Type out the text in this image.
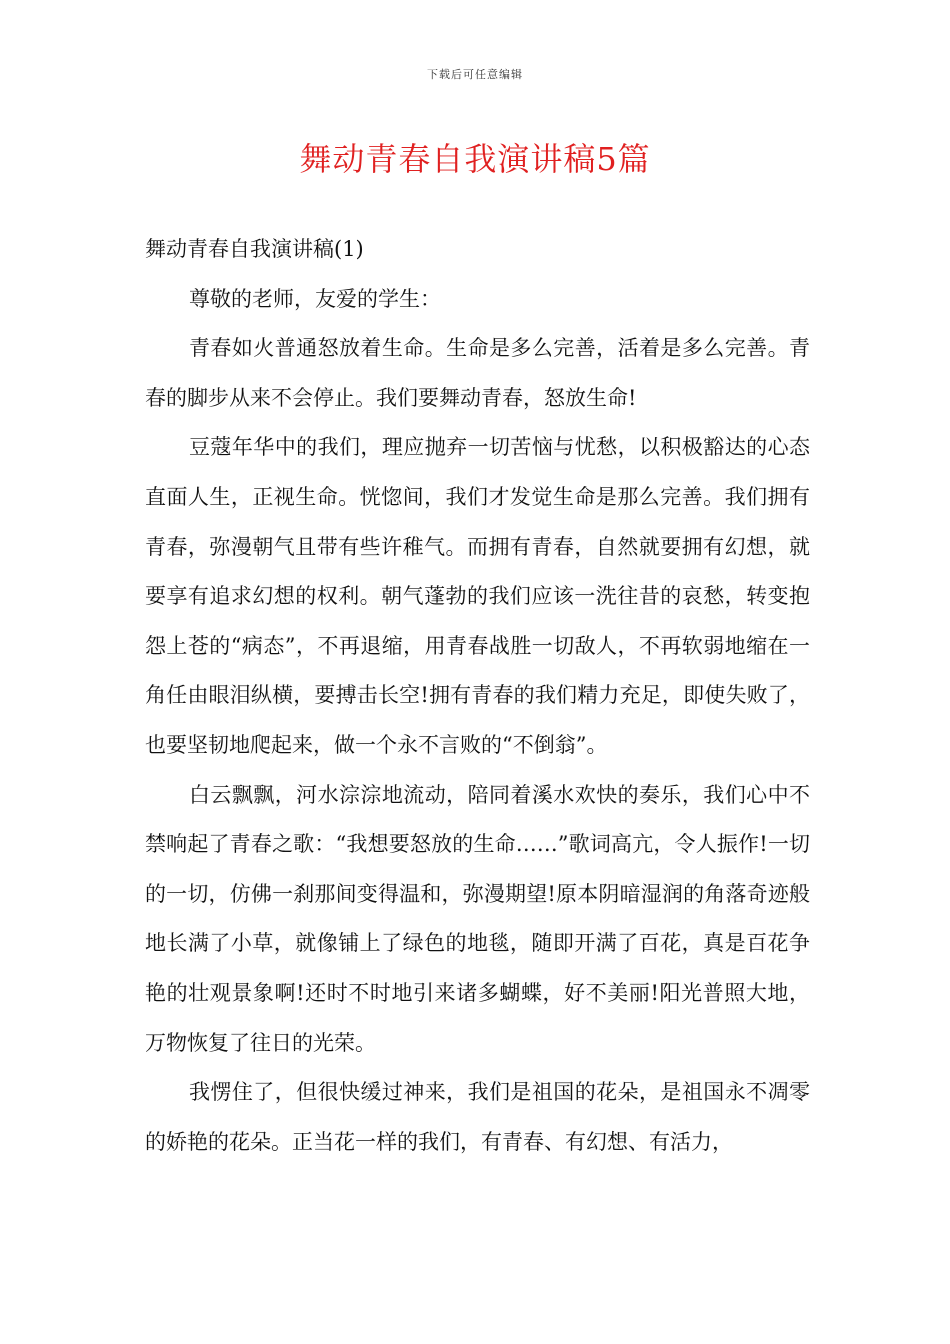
下载后可任意编辑
舞动青春自我演讲稿5篇

舞动青春自我演讲稿(1)

尊敬的老师，友爱的学生：

青春如火普通怒放着生命。生命是多么完善，活着是多么完善。青春的脚步从来不会停止。我们要舞动青春，怒放生命!

豆蔻年华中的我们，理应抛弃一切苦恼与忧愁，以积极豁达的心态直面人生，正视生命。恍惚间，我们才发觉生命是那么完善。我们拥有青春，弥漫朝气且带有些许稚气。而拥有青春，自然就要拥有幻想，就要享有追求幻想的权利。朝气蓬勃的我们应该一洗往昔的哀愁，转变抱怨上苍的“病态”，不再退缩，用青春战胜一切敌人，不再软弱地缩在一角任由眼泪纵横，要搏击长空!拥有青春的我们精力充足，即使失败了，也要坚韧地爬起来，做一个永不言败的“不倒翁”。

白云飘飘，河水淙淙地流动，陪同着溪水欢快的奏乐，我们心中不禁响起了青春之歌：“我想要怒放的生命……”歌词高亢，令人振作!一切的一切，仿佛一刹那间变得温和，弥漫期望!原本阴暗湿润的角落奇迹般地长满了小草，就像铺上了绿色的地毯，随即开满了百花，真是百花争艳的壮观景象啊!还时不时地引来诸多蝴蝶，好不美丽!阳光普照大地，万物恢复了往日的光荣。

我愣住了，但很快缓过神来，我们是祖国的花朵，是祖国永不凋零的娇艳的花朵。正当花一样的我们，有青春、有幻想、有活力，
